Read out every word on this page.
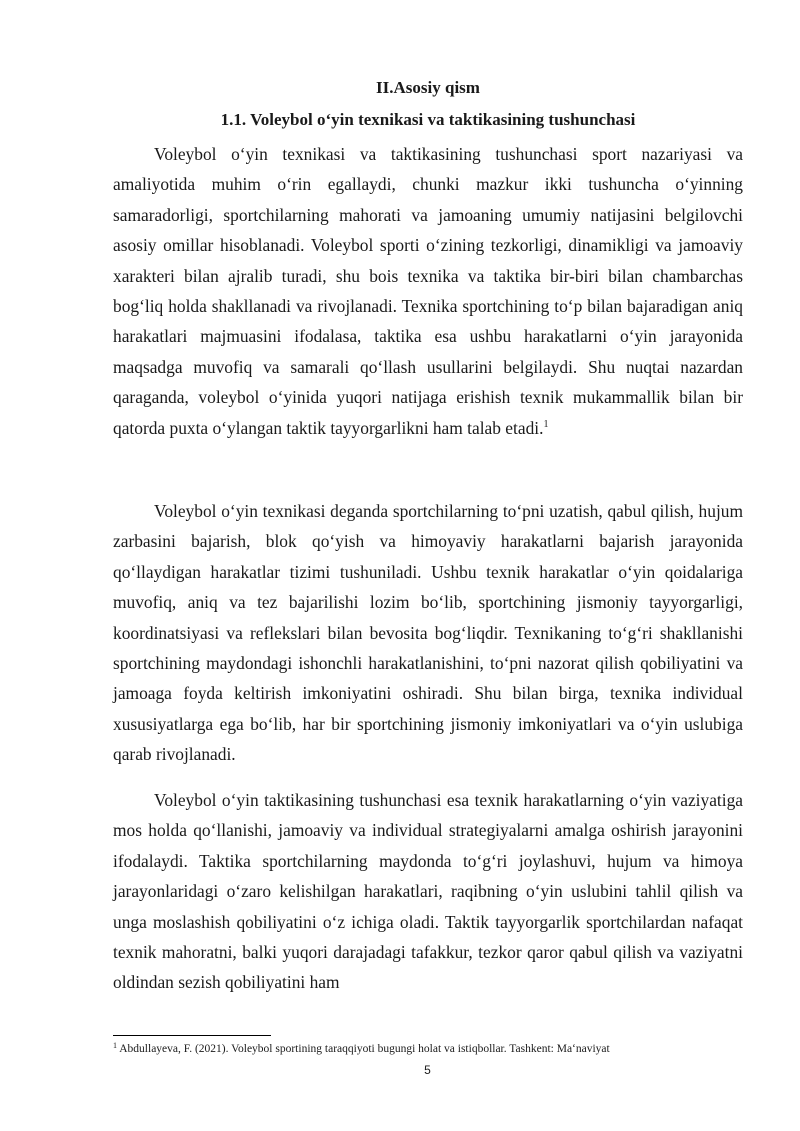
II.Asosiy qism
1.1. Voleybol o‘yin texnikasi va taktikasining tushunchasi

Voleybol o‘yin texnikasi va taktikasining tushunchasi sport nazariyasi va amaliyotida muhim o‘rin egallaydi, chunki mazkur ikki tushuncha o‘yinning samaradorligi, sportchilarning mahorati va jamoaning umumiy natijasini belgilovchi asosiy omillar hisoblanadi. Voleybol sporti o‘zining tezkorligi, dinamikligi va jamoaviy xarakteri bilan ajralib turadi, shu bois texnika va taktika bir-biri bilan chambarchas bog‘liq holda shakllanadi va rivojlanadi. Texnika sportchining to‘p bilan bajaradigan aniq harakatlari majmuasini ifodalasa, taktika esa ushbu harakatlarni o‘yin jarayonida maqsadga muvofiq va samarali qo‘llash usullarini belgilaydi. Shu nuqtai nazardan qaraganda, voleybol o‘yinida yuqori natijaga erishish texnik mukammallik bilan bir qatorda puxta o‘ylangan taktik tayyorgarlikni ham talab etadi.$^1$

Voleybol o‘yin texnikasi deganda sportchilarning to‘pni uzatish, qabul qilish, hujum zarbasini bajarish, blok qo‘yish va himoyaviy harakatlarni bajarish jarayonida qo‘llaydigan harakatlar tizimi tushuniladi. Ushbu texnik harakatlar o‘yin qoidalariga muvofiq, aniq va tez bajarilishi lozim bo‘lib, sportchining jismoniy tayyorgarligi, koordinatsiyasi va reflekslari bilan bevosita bog‘liqdir. Texnikaning to‘g‘ri shakllanishi sportchining maydondagi ishonchli harakatlanishini, to‘pni nazorat qilish qobiliyatini va jamoaga foyda keltirish imkoniyatini oshiradi. Shu bilan birga, texnika individual xususiyatlarga ega bo‘lib, har bir sportchining jismoniy imkoniyatlari va o‘yin uslubiga qarab rivojlanadi.

Voleybol o‘yin taktikasining tushunchasi esa texnik harakatlarning o‘yin vaziyatiga mos holda qo‘llanishi, jamoaviy va individual strategiyalarni amalga oshirish jarayonini ifodalaydi. Taktika sportchilarning maydonda to‘g‘ri joylashuvi, hujum va himoya jarayonlaridagi o‘zaro kelishilgan harakatlari, raqibning o‘yin uslubini tahlil qilish va unga moslashish qobiliyatini o‘z ichiga oladi. Taktik tayyorgarlik sportchilardan nafaqat texnik mahoratni, balki yuqori darajadagi tafakkur, tezkor qaror qabul qilish va vaziyatni oldindan sezish qobiliyatini ham

$^1$ Abdullayeva, F. (2021). Voleybol sportining taraqqiyoti bugungi holat va istiqbollar. Tashkent: Ma‘naviyat
5
